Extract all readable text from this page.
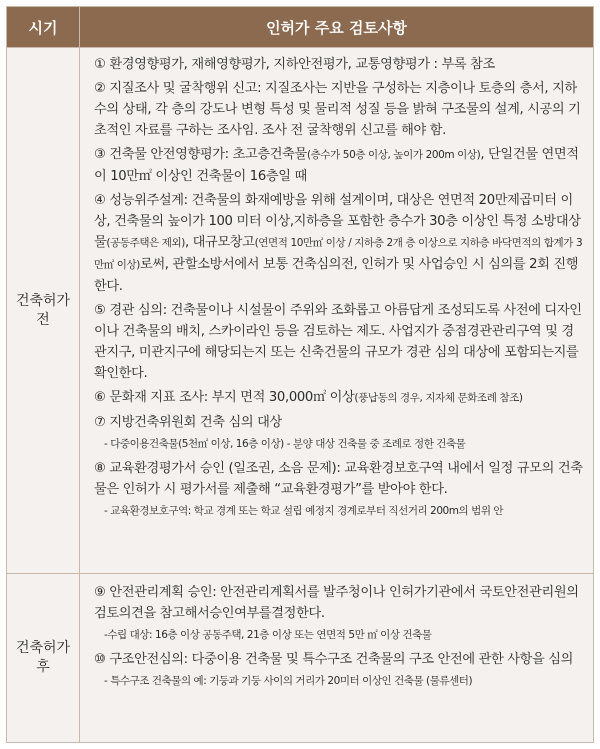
시기	인허가 주요 검토사항
건축허가전
① 환경영향평가, 재해영향평가, 지하안전평가, 교통영향평가 : 부록 참조
② 지질조사 및 굴착행위 신고: 지질조사는 지반을 구성하는 지층이나 토층의 층서, 지하수의 상태, 각 층의 강도나 변형 특성 및 물리적 성질 등을 밝혀 구조물의 설계, 시공의 기초적인 자료를 구하는 조사임. 조사 전 굴착행위 신고를 해야 함.
③ 건축물 안전영향평가: 초고층건축물(층수가 50층 이상, 높이가 200m 이상), 단일건물 연면적이 10만㎡ 이상인 건축물이 16층일 때
④ 성능위주설계: 건축물의 화재예방을 위해 설계이며, 대상은 연면적 20만제곱미터 이상, 건축물의 높이가 100 미터 이상,지하층을 포함한 층수가 30층 이상인 특정 소방대상물(공동주택은 제외), 대규모창고(연면적 10만㎡ 이상 / 지하층 2개 층 이상으로 지하층 바닥면적의 합계가 3만㎡ 이상)로써, 관할소방서에서 보통 건축심의전, 인허가 및 사업승인 시 심의를 2회 진행한다.
⑤ 경관 심의: 건축물이나 시설물이 주위와 조화롭고 아름답게 조성되도록 사전에 디자인이나 건축물의 배치, 스카이라인 등을 검토하는 제도. 사업지가 중점경관관리구역 및 경관지구, 미관지구에 해당되는지 또는 신축건물의 규모가 경관 심의 대상에 포함되는지를 확인한다.
⑥ 문화재 지표 조사: 부지 면적 30,000㎡ 이상(풍납동의 경우, 지자체 문화조례 참조)
⑦ 지방건축위원회 건축 심의 대상
- 다중이용건축물(5천㎡ 이상, 16층 이상) - 분양 대상 건축물 중 조례로 정한 건축물
⑧ 교육환경평가서 승인 (일조권, 소음 문제): 교육환경보호구역 내에서 일정 규모의 건축물은 인허가 시 평가서를 제출해 “교육환경평가”를 받아야 한다.
- 교육환경보호구역: 학교 경계 또는 학교 설립 예정지 경계로부터 직선거리 200m의 범위 안
건축허가후
⑨ 안전관리계획 승인: 안전관리계획서를 발주청이나 인허가기관에서 국토안전관리원의검토의견을 참고해서승인여부를결정한다.
-수립 대상: 16층 이상 공동주택, 21층 이상 또는 연면적 5만 ㎡ 이상 건축물
⑩ 구조안전심의: 다중이용 건축물 및 특수구조 건축물의 구조 안전에 관한 사항을 심의
- 특수구조 건축물의 예: 기둥과 기둥 사이의 거리가 20미터 이상인 건축물 (물류센터)
